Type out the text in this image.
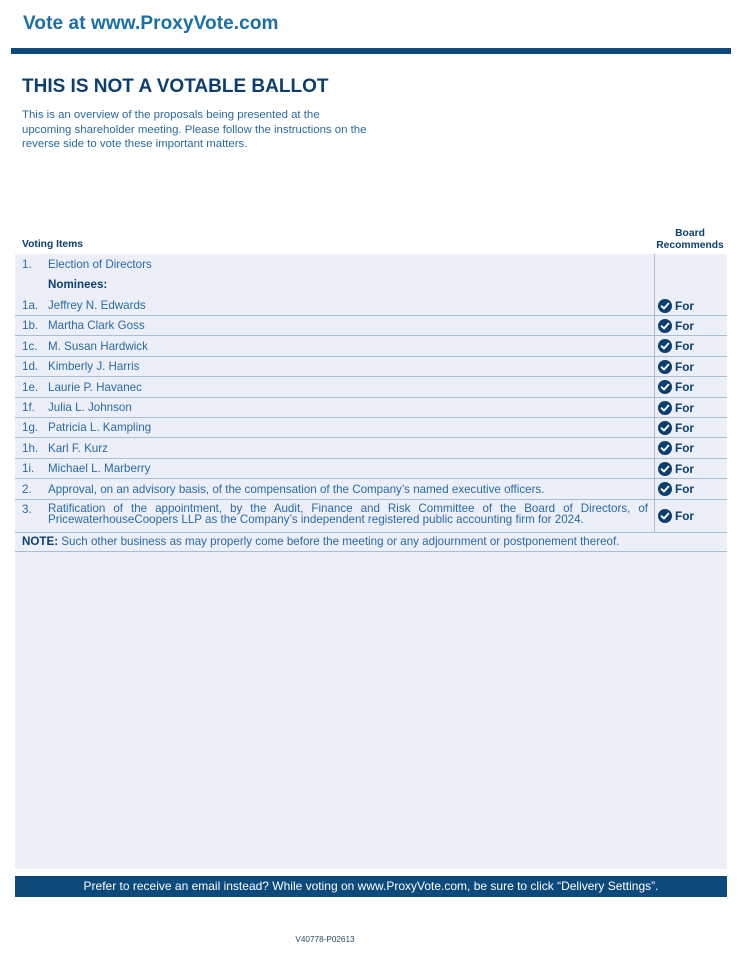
Vote at www.ProxyVote.com
THIS IS NOT A VOTABLE BALLOT
This is an overview of the proposals being presented at the upcoming shareholder meeting. Please follow the instructions on the reverse side to vote these important matters.
Voting Items
Board
Recommends
1. Election of Directors
Nominees:
1a. Jeffrey N. Edwards	For
1b. Martha Clark Goss	For
1c. M. Susan Hardwick	For
1d. Kimberly J. Harris	For
1e. Laurie P. Havanec	For
1f. Julia L. Johnson	For
1g. Patricia L. Kampling	For
1h. Karl F. Kurz	For
1i. Michael L. Marberry	For
2. Approval, on an advisory basis, of the compensation of the Company’s named executive officers.	For
3. Ratification of the appointment, by the Audit, Finance and Risk Committee of the Board of Directors, of PricewaterhouseCoopers LLP as the Company’s independent registered public accounting firm for 2024.	For
NOTE: Such other business as may properly come before the meeting or any adjournment or postponement thereof.
Prefer to receive an email instead? While voting on www.ProxyVote.com, be sure to click “Delivery Settings”.
V40778-P02613
